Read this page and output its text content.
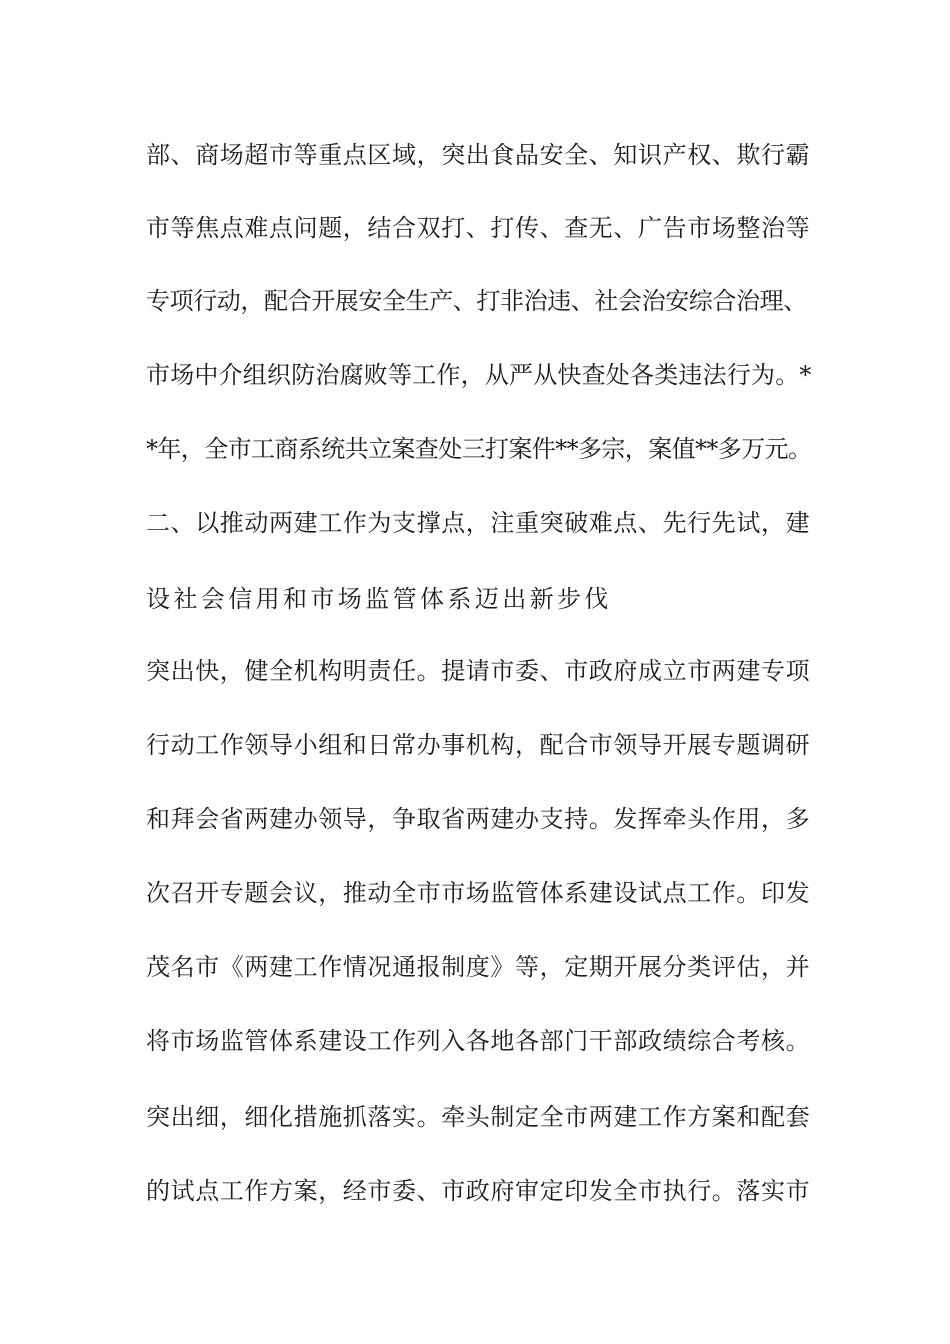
部、商场超市等重点区域，突出食品安全、知识产权、欺行霸
市等焦点难点问题，结合双打、打传、查无、广告市场整治等
专项行动，配合开展安全生产、打非治违、社会治安综合治理、
市场中介组织防治腐败等工作，从严从快查处各类违法行为。*
*年，全市工商系统共立案查处三打案件**多宗，案值**多万元。
二、以推动两建工作为支撑点，注重突破难点、先行先试，建
设社会信用和市场监管体系迈出新步伐
突出快，健全机构明责任。提请市委、市政府成立市两建专项
行动工作领导小组和日常办事机构，配合市领导开展专题调研
和拜会省两建办领导，争取省两建办支持。发挥牵头作用，多
次召开专题会议，推动全市市场监管体系建设试点工作。印发
茂名市《两建工作情况通报制度》等，定期开展分类评估，并
将市场监管体系建设工作列入各地各部门干部政绩综合考核。
突出细，细化措施抓落实。牵头制定全市两建工作方案和配套
的试点工作方案，经市委、市政府审定印发全市执行。落实市
